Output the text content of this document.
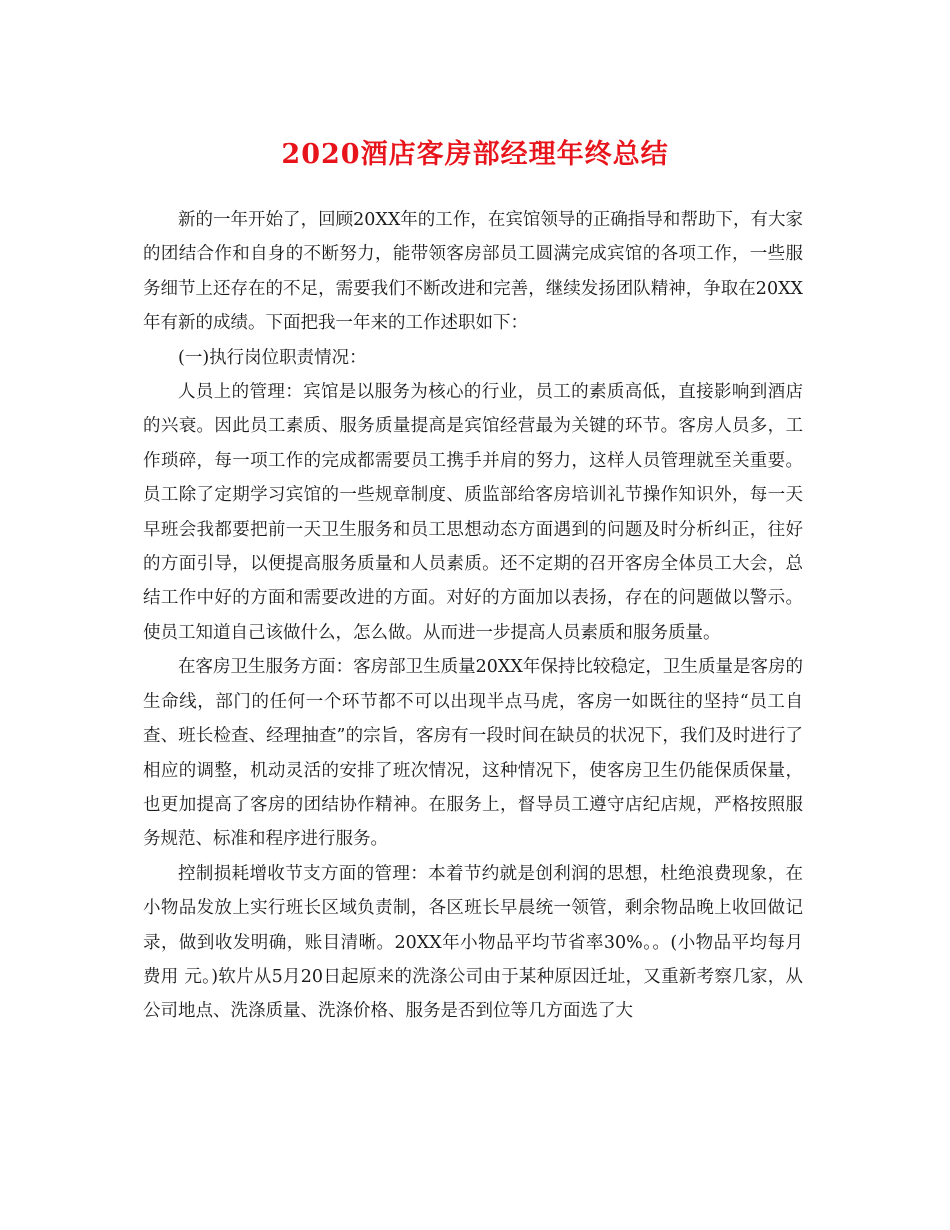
2020酒店客房部经理年终总结

新的一年开始了，回顾20XX年的工作，在宾馆领导的正确指导和帮助下，有大家的团结合作和自身的不断努力，能带领客房部员工圆满完成宾馆的各项工作，一些服务细节上还存在的不足，需要我们不断改进和完善，继续发扬团队精神，争取在20XX年有新的成绩。下面把我一年来的工作述职如下：

(一)执行岗位职责情况：

人员上的管理：宾馆是以服务为核心的行业，员工的素质高低，直接影响到酒店的兴衰。因此员工素质、服务质量提高是宾馆经营最为关键的环节。客房人员多，工作琐碎，每一项工作的完成都需要员工携手并肩的努力，这样人员管理就至关重要。员工除了定期学习宾馆的一些规章制度、质监部给客房培训礼节操作知识外，每一天早班会我都要把前一天卫生服务和员工思想动态方面遇到的问题及时分析纠正，往好的方面引导，以便提高服务质量和人员素质。还不定期的召开客房全体员工大会，总结工作中好的方面和需要改进的方面。对好的方面加以表扬，存在的问题做以警示。使员工知道自己该做什么，怎么做。从而进一步提高人员素质和服务质量。

在客房卫生服务方面：客房部卫生质量20XX年保持比较稳定，卫生质量是客房的生命线，部门的任何一个环节都不可以出现半点马虎，客房一如既往的坚持“员工自查、班长检查、经理抽查”的宗旨，客房有一段时间在缺员的状况下，我们及时进行了相应的调整，机动灵活的安排了班次情况，这种情况下，使客房卫生仍能保质保量，也更加提高了客房的团结协作精神。在服务上，督导员工遵守店纪店规，严格按照服务规范、标准和程序进行服务。

控制损耗增收节支方面的管理：本着节约就是创利润的思想，杜绝浪费现象，在小物品发放上实行班长区域负责制，各区班长早晨统一领管，剩余物品晚上收回做记录，做到收发明确，账目清晰。20XX年小物品平均节省率30%。。(小物品平均每月费用 元。)软片从5月20日起原来的洗涤公司由于某种原因迁址，又重新考察几家，从公司地点、洗涤质量、洗涤价格、服务是否到位等几方面选了大
